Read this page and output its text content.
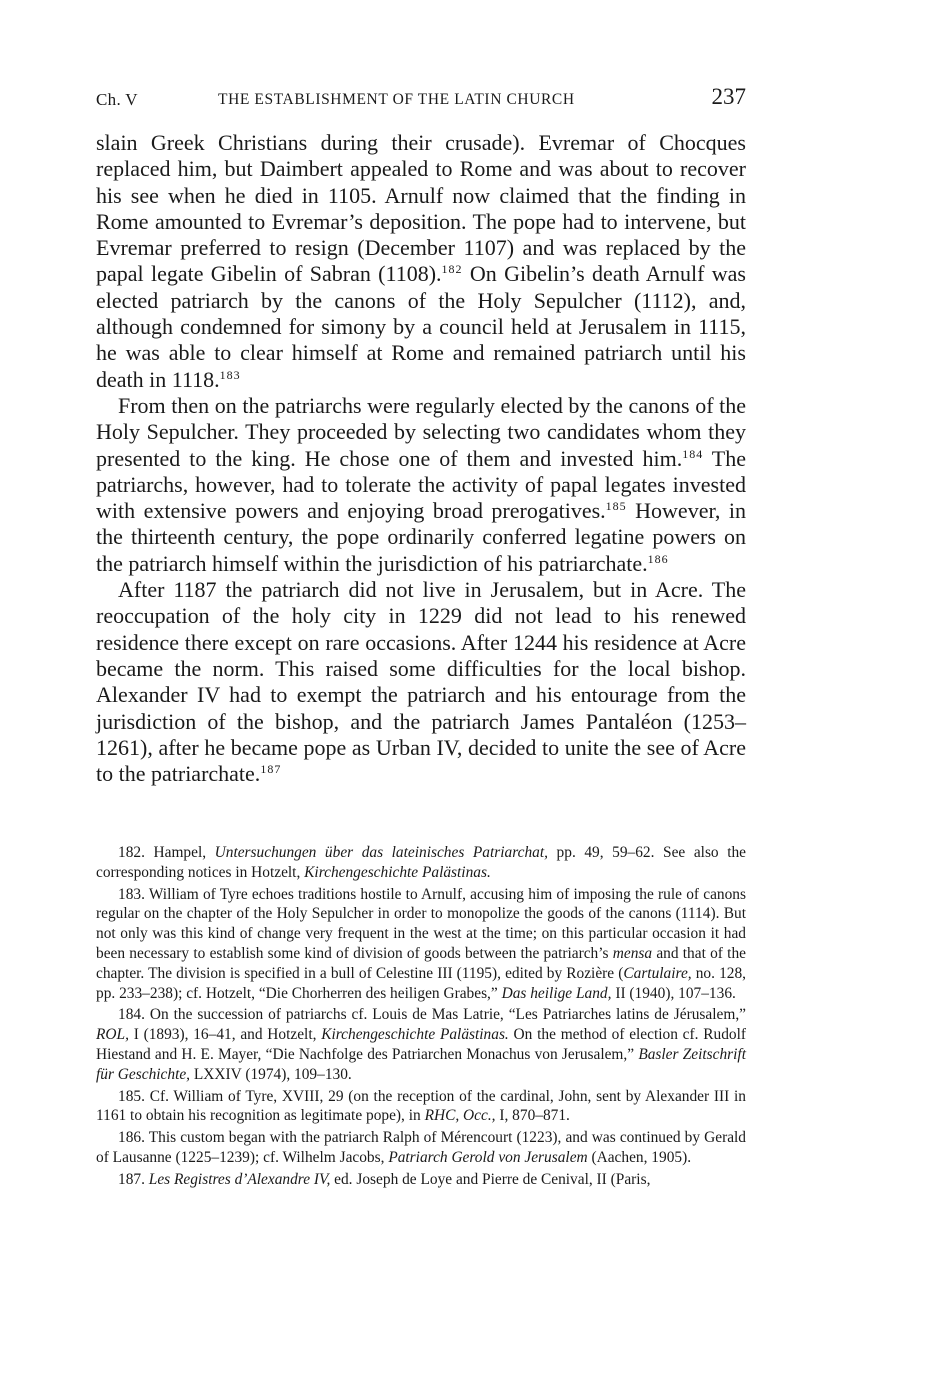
Ch. V	THE ESTABLISHMENT OF THE LATIN CHURCH	237

slain Greek Christians during their crusade). Evremar of Chocques replaced him, but Daimbert appealed to Rome and was about to recover his see when he died in 1105. Arnulf now claimed that the finding in Rome amounted to Evremar’s deposition. The pope had to intervene, but Evremar preferred to resign (December 1107) and was replaced by the papal legate Gibelin of Sabran (1108).$^{182}$ On Gibelin’s death Arnulf was elected patriarch by the canons of the Holy Sepulcher (1112), and, although condemned for simony by a council held at Jerusalem in 1115, he was able to clear himself at Rome and remained patriarch until his death in 1118.$^{183}$

From then on the patriarchs were regularly elected by the canons of the Holy Sepulcher. They proceeded by selecting two candidates whom they presented to the king. He chose one of them and invested him.$^{184}$ The patriarchs, however, had to tolerate the activity of papal legates invested with extensive powers and enjoying broad prerogatives.$^{185}$ However, in the thirteenth century, the pope ordinarily conferred legatine powers on the patriarch himself within the jurisdiction of his patriarchate.$^{186}$

After 1187 the patriarch did not live in Jerusalem, but in Acre. The reoccupation of the holy city in 1229 did not lead to his renewed residence there except on rare occasions. After 1244 his residence at Acre became the norm. This raised some difficulties for the local bishop. Alexander IV had to exempt the patriarch and his entourage from the jurisdiction of the bishop, and the patriarch James Pantaléon (1253–1261), after he became pope as Urban IV, decided to unite the see of Acre to the patriarchate.$^{187}$

182. Hampel, Untersuchungen über das lateinisches Patriarchat, pp. 49, 59–62. See also the corresponding notices in Hotzelt, Kirchengeschichte Palästinas.

183. William of Tyre echoes traditions hostile to Arnulf, accusing him of imposing the rule of canons regular on the chapter of the Holy Sepulcher in order to monopolize the goods of the canons (1114). But not only was this kind of change very frequent in the west at the time; on this particular occasion it had been necessary to establish some kind of division of goods between the patriarch’s mensa and that of the chapter. The division is specified in a bull of Celestine III (1195), edited by Rozière (Cartulaire, no. 128, pp. 233–238); cf. Hotzelt, “Die Chorherren des heiligen Grabes,” Das heilige Land, II (1940), 107–136.

184. On the succession of patriarchs cf. Louis de Mas Latrie, “Les Patriarches latins de Jérusalem,” ROL, I (1893), 16–41, and Hotzelt, Kirchengeschichte Palästinas. On the method of election cf. Rudolf Hiestand and H. E. Mayer, “Die Nachfolge des Patriarchen Monachus von Jerusalem,” Basler Zeitschrift für Geschichte, LXXIV (1974), 109–130.

185. Cf. William of Tyre, XVIII, 29 (on the reception of the cardinal, John, sent by Alexander III in 1161 to obtain his recognition as legitimate pope), in RHC, Occ., I, 870–871.

186. This custom began with the patriarch Ralph of Mérencourt (1223), and was continued by Gerald of Lausanne (1225–1239); cf. Wilhelm Jacobs, Patriarch Gerold von Jerusalem (Aachen, 1905).

187. Les Registres d’Alexandre IV, ed. Joseph de Loye and Pierre de Cenival, II (Paris,
